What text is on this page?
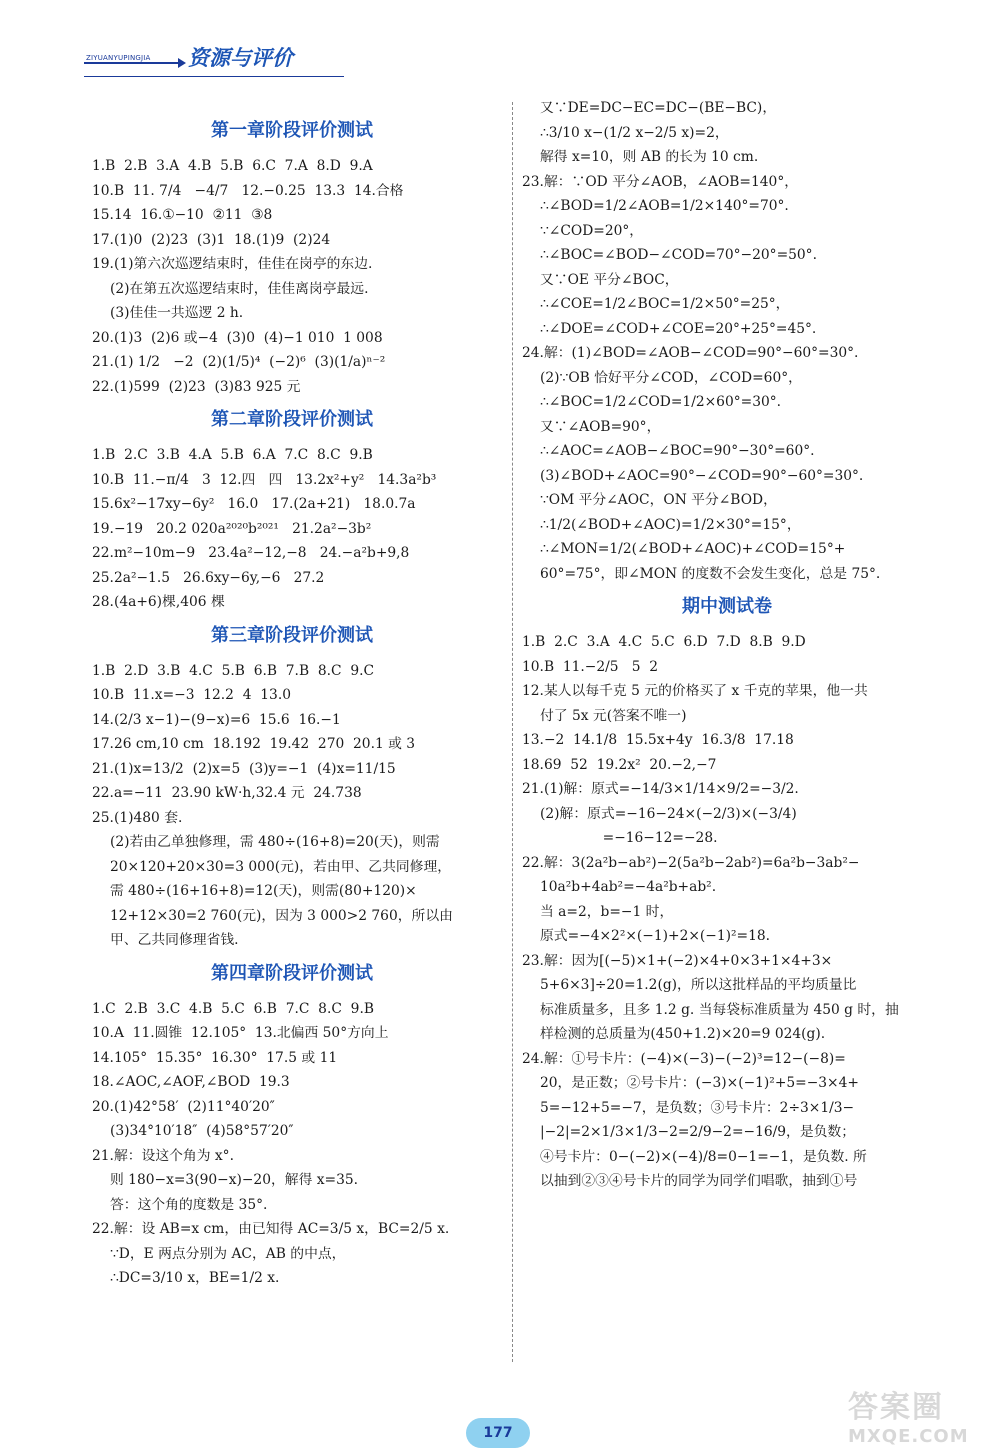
ZIYUANYUPINGJIA 资源与评价
第一章阶段评价测试
1.B  2.B  3.A  4.B  5.B  6.C  7.A  8.D  9.A
10.B  11. 7/4   −4/7   12.−0.25  13.3  14.合格
15.14  16.①−10  ②11  ③8
17.(1)0  (2)23  (3)1  18.(1)9  (2)24
19.(1)第六次巡逻结束时，佳佳在岗亭的东边.
(2)在第五次巡逻结束时，佳佳离岗亭最远.
(3)佳佳一共巡逻 2 h.
20.(1)3  (2)6 或−4  (3)0  (4)−1 010  1 008
21.(1) 1/2   −2  (2)(1/5)⁴  (−2)⁶  (3)(1/a)ⁿ⁻²
22.(1)599  (2)23  (3)83 925 元
第二章阶段评价测试
1.B  2.C  3.B  4.A  5.B  6.A  7.C  8.C  9.B
10.B  11.−π/4   3  12.四   四   13.2x²+y²   14.3a²b³
15.6x²−17xy−6y²   16.0   17.(2a+21)   18.0.7a
19.−19   20.2 020a²⁰²⁰b²⁰²¹   21.2a²−3b²
22.m²−10m−9   23.4a²−12,−8   24.−a²b+9,8
25.2a²−1.5   26.6xy−6y,−6   27.2
28.(4a+6)棵,406 棵
第三章阶段评价测试
1.B  2.D  3.B  4.C  5.B  6.B  7.B  8.C  9.C
10.B  11.x=−3  12.2  4  13.0
14.(2/3 x−1)−(9−x)=6  15.6  16.−1
17.26 cm,10 cm  18.192  19.42  270  20.1 或 3
21.(1)x=13/2  (2)x=5  (3)y=−1  (4)x=11/15
22.a=−11  23.90 kW·h,32.4 元  24.738
25.(1)480 套.
(2)若由乙单独修理，需 480÷(16+8)=20(天)，则需
20×120+20×30=3 000(元)，若由甲、乙共同修理，
需 480÷(16+16+8)=12(天)，则需(80+120)×
12+12×30=2 760(元)，因为 3 000>2 760，所以由
甲、乙共同修理省钱.
第四章阶段评价测试
1.C  2.B  3.C  4.B  5.C  6.B  7.C  8.C  9.B
10.A  11.圆锥  12.105°  13.北偏西 50°方向上
14.105°  15.35°  16.30°  17.5 或 11
18.∠AOC,∠AOF,∠BOD  19.3
20.(1)42°58′  (2)11°40′20″
(3)34°10′18″  (4)58°57′20″
21.解：设这个角为 x°.
则 180−x=3(90−x)−20，解得 x=35.
答：这个角的度数是 35°.
22.解：设 AB=x cm，由已知得 AC=3/5 x，BC=2/5 x.
∵D，E 两点分别为 AC，AB 的中点，
∴DC=3/10 x，BE=1/2 x.
又∵DE=DC−EC=DC−(BE−BC)，
∴3/10 x−(1/2 x−2/5 x)=2，
解得 x=10，则 AB 的长为 10 cm.
23.解：∵OD 平分∠AOB，∠AOB=140°，
∴∠BOD=1/2∠AOB=1/2×140°=70°.
∵∠COD=20°，
∴∠BOC=∠BOD−∠COD=70°−20°=50°.
又∵OE 平分∠BOC，
∴∠COE=1/2∠BOC=1/2×50°=25°，
∴∠DOE=∠COD+∠COE=20°+25°=45°.
24.解：(1)∠BOD=∠AOB−∠COD=90°−60°=30°.
(2)∵OB 恰好平分∠COD，∠COD=60°，
∴∠BOC=1/2∠COD=1/2×60°=30°.
又∵∠AOB=90°，
∴∠AOC=∠AOB−∠BOC=90°−30°=60°.
(3)∠BOD+∠AOC=90°−∠COD=90°−60°=30°.
∵OM 平分∠AOC，ON 平分∠BOD，
∴1/2(∠BOD+∠AOC)=1/2×30°=15°，
∴∠MON=1/2(∠BOD+∠AOC)+∠COD=15°+
60°=75°，即∠MON 的度数不会发生变化，总是 75°.
期中测试卷
1.B  2.C  3.A  4.C  5.C  6.D  7.D  8.B  9.D
10.B  11.−2/5   5  2
12.某人以每千克 5 元的价格买了 x 千克的苹果，他一共
付了 5x 元(答案不唯一)
13.−2  14.1/8  15.5x+4y  16.3/8  17.18
18.69  52  19.2x²  20.−2,−7
21.(1)解：原式=−14/3×1/14×9/2=−3/2.
(2)解：原式=−16−24×(−2/3)×(−3/4)
=−16−12=−28.
22.解：3(2a²b−ab²)−2(5a²b−2ab²)=6a²b−3ab²−
10a²b+4ab²=−4a²b+ab².
当 a=2，b=−1 时，
原式=−4×2²×(−1)+2×(−1)²=18.
23.解：因为[(−5)×1+(−2)×4+0×3+1×4+3×
5+6×3]÷20=1.2(g)，所以这批样品的平均质量比
标准质量多，且多 1.2 g. 当每袋标准质量为 450 g 时，抽
样检测的总质量为(450+1.2)×20=9 024(g).
24.解：①号卡片：(−4)×(−3)−(−2)³=12−(−8)=
20，是正数；②号卡片：(−3)×(−1)²+5=−3×4+
5=−12+5=−7，是负数；③号卡片：2÷3×1/3−
|−2|=2×1/3×1/3−2=2/9−2=−16/9，是负数；
④号卡片：0−(−2)×(−4)/8=0−1=−1，是负数. 所
以抽到②③④号卡片的同学为同学们唱歌，抽到①号
177
答案圈
MXQE.COM
